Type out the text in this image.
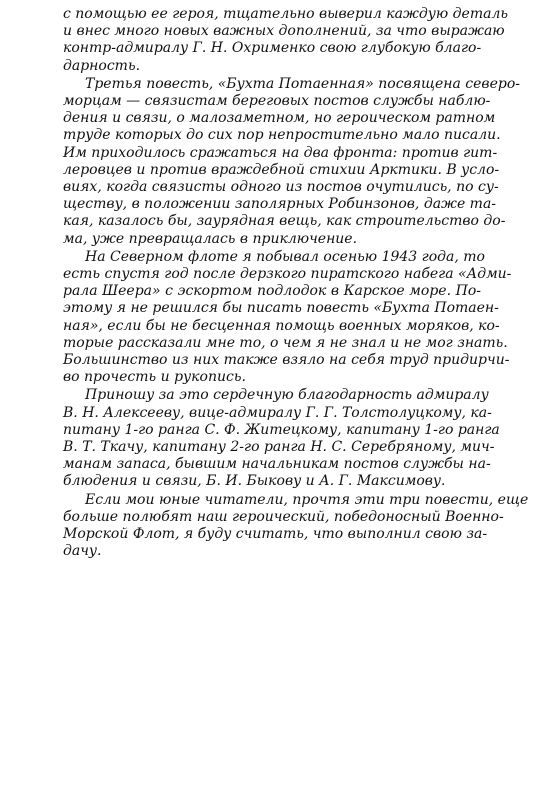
с помощью ее героя, тщательно выверил каждую деталь
и внес много новых важных дополнений, за что выражаю
контр-адмиралу Г. Н. Охрименко свою глубокую благо-
дарность.
Третья повесть, «Бухта Потаенная» посвящена северо-
морцам — связистам береговых постов службы наблю-
дения и связи, о малозаметном, но героическом ратном
труде которых до сих пор непростительно мало писали.
Им приходилось сражаться на два фронта: против гит-
леровцев и против враждебной стихии Арктики. В усло-
виях, когда связисты одного из постов очутились, по су-
ществу, в положении заполярных Робинзонов, даже та-
кая, казалось бы, заурядная вещь, как строительство до-
ма, уже превращалась в приключение.
На Северном флоте я побывал осенью 1943 года, то
есть спустя год после дерзкого пиратского набега «Адми-
рала Шеера» с эскортом подлодок в Карское море. По-
этому я не решился бы писать повесть «Бухта Потаен-
ная», если бы не бесценная помощь военных моряков, ко-
торые рассказали мне то, о чем я не знал и не мог знать.
Большинство из них также взяло на себя труд придирчи-
во прочесть и рукопись.
Приношу за это сердечную благодарность адмиралу
В. Н. Алексееву, вице-адмиралу Г. Г. Толстолуцкому, ка-
питану 1-го ранга С. Ф. Житецкому, капитану 1-го ранга
В. Т. Ткачу, капитану 2-го ранга Н. С. Серебряному, мич-
манам запаса, бывшим начальникам постов службы на-
блюдения и связи, Б. И. Быкову и А. Г. Максимову.
Если мои юные читатели, прочтя эти три повести, еще
больше полюбят наш героический, победоносный Военно-
Морской Флот, я буду считать, что выполнил свою за-
дачу.
